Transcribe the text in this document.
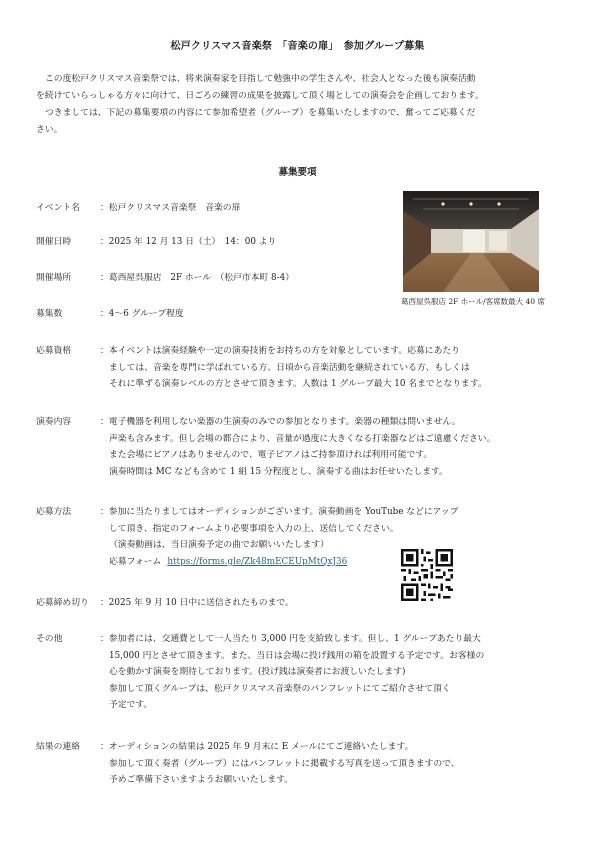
松戸クリスマス音楽祭　「音楽の扉」　参加グループ募集

この度松戸クリスマス音楽祭では、将来演奏家を目指して勉強中の学生さんや、社会人となった後も演奏活動

を続けていらっしゃる方々に向けて、日ごろの練習の成果を披露して頂く場としての演奏会を企画しております。

つきましては、下記の募集要項の内容にて参加希望者（グループ）を募集いたしますので、奮ってご応募くだ

さい。

募集要項
葛西屋呉服店 2F ホール/客席数最大 40 席
イベント名 ：松戸クリスマス音楽祭　音楽の扉

開催日時	：2025 年 12 月 13 日（土）　14：00 より

開催場所	：葛西屋呉服店　2F ホール　（松戸市本町 8-4）

募集数	：4～6 グループ程度

応募資格	：本イベントは演奏経験や一定の演奏技術をお持ちの方を対象としています。応募にあたり

ましては、音楽を専門に学ばれている方、日頃から音楽活動を継続されている方、もしくは

それに準ずる演奏レベルの方とさせて頂きます。人数は 1 グループ最大 10 名までとなります。

演奏内容	：電子機器を利用しない楽器の生演奏のみでの参加となります。楽器の種類は問いません。

声楽も含みます。但し会場の都合により、音量が過度に大きくなる打楽器などはご遠慮ください。

また会場にピアノはありませんので、電子ピアノはご持参頂ければ利用可能です。

演奏時間は MC なども含めて 1 組 15 分程度とし、演奏する曲はお任せいたします。

応募方法	：参加に当たりましてはオーディションがございます。演奏動画を YouTube などにアップ

して頂き、指定のフォームより必要事項を入力の上、送信してください。

（演奏動画は、当日演奏予定の曲でお願いいたします）

応募フォーム https://forms.gle/Zk48mECEUpMtQxJ36

応募締め切り ：2025 年 9 月 10 日中に送信されたものまで。

その他	：参加者には、交通費として一人当たり 3,000 円を支給致します。但し、1 グループあたり最大

15,000 円とさせて頂きます。また、当日は会場に投げ銭用の箱を設置する予定です。お客様の

心を動かす演奏を期待しております。(投げ銭は演奏者にお渡しいたします)

参加して頂くグループは、松戸クリスマス音楽祭のパンフレットにてご紹介させて頂く

予定です。

結果の連絡 ：オーディションの結果は 2025 年 9 月末に E メールにてご連絡いたします。

参加して頂く奏者（グループ）にはパンフレットに掲載する写真を送って頂きますので、

予めご準備下さいますようお願いいたします。
